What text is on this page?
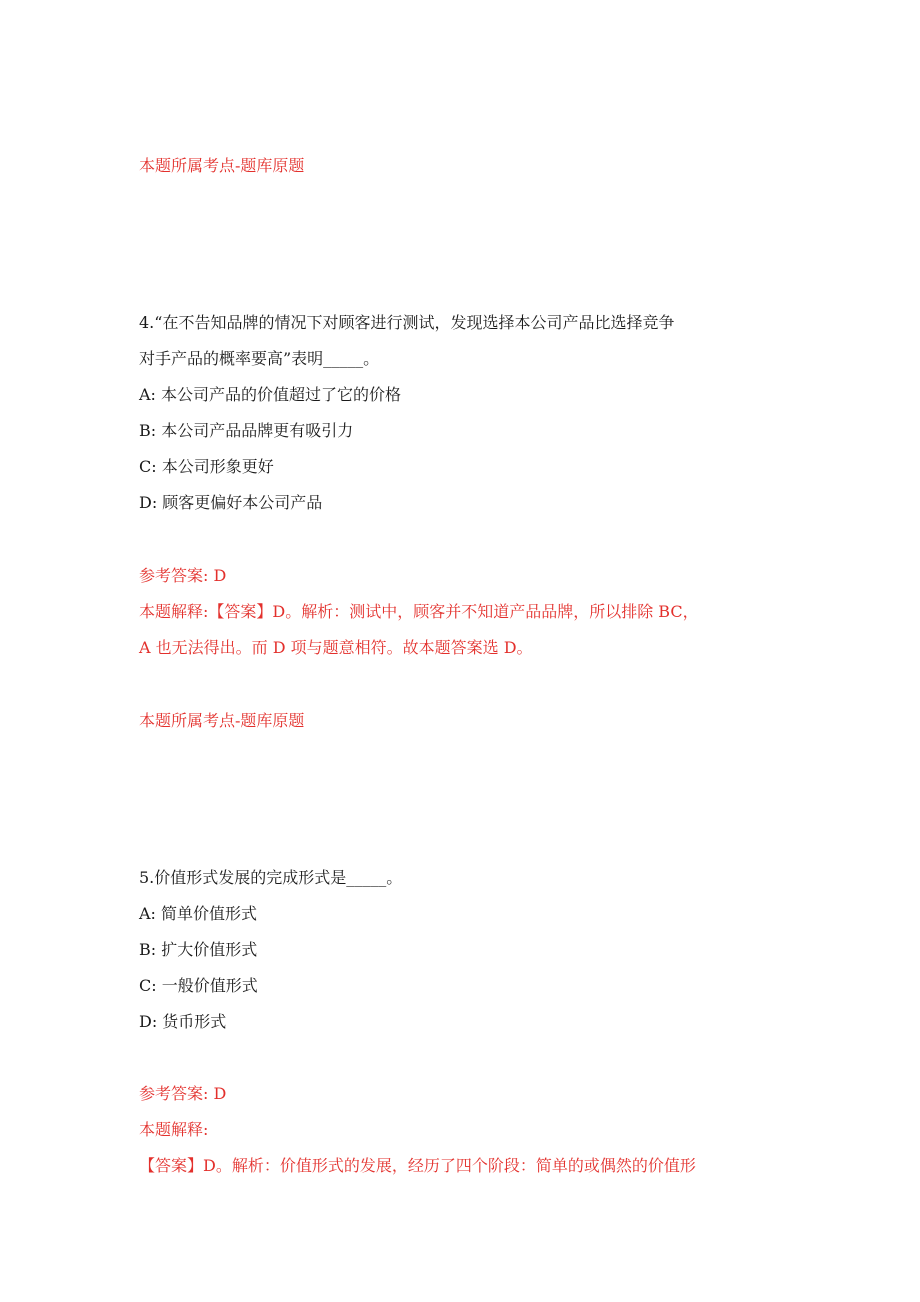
本题所属考点-题库原题
4.“在不告知品牌的情况下对顾客进行测试，发现选择本公司产品比选择竞争
对手产品的概率要高”表明_____。
A: 本公司产品的价值超过了它的价格
B: 本公司产品品牌更有吸引力
C: 本公司形象更好
D: 顾客更偏好本公司产品
参考答案: D
本题解释:【答案】D。解析：测试中，顾客并不知道产品品牌，所以排除 BC，
A 也无法得出。而 D 项与题意相符。故本题答案选 D。
本题所属考点-题库原题
5.价值形式发展的完成形式是_____。
A: 简单价值形式
B: 扩大价值形式
C: 一般价值形式
D: 货币形式
参考答案: D
本题解释:
【答案】D。解析：价值形式的发展，经历了四个阶段：简单的或偶然的价值形
